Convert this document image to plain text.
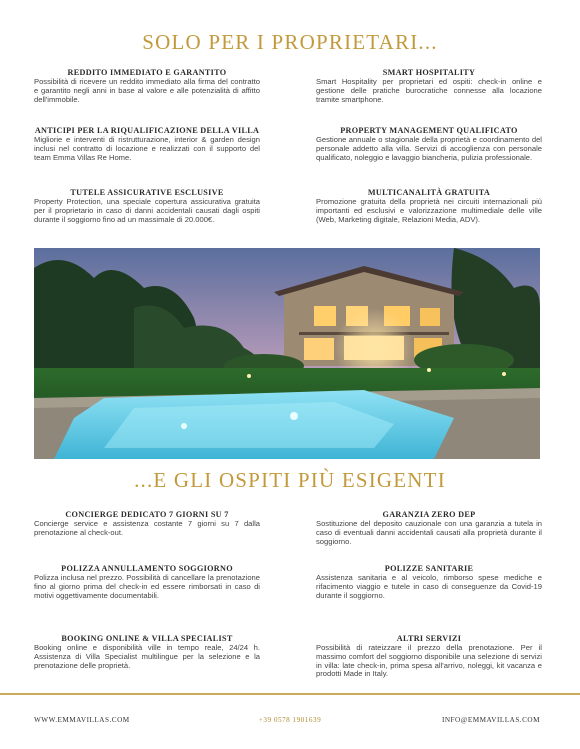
SOLO PER I PROPRIETARI...
REDDITO IMMEDIATO E GARANTITO

Possibilità di ricevere un reddito immediato alla firma del contratto e garantito negli anni in base al valore e alle potenzialità di affitto dell'immobile.

ANTICIPI PER LA RIQUALIFICAZIONE DELLA VILLA

Migliorie e interventi di ristrutturazione, interior & garden design inclusi nel contratto di locazione e realizzati con il supporto del team Emma Villas Re Home.

TUTELE ASSICURATIVE ESCLUSIVE

Property Protection, una speciale copertura assicurativa gratuita per il proprietario in caso di danni accidentali causati dagli ospiti durante il soggiorno fino ad un massimale di 20.000€.

SMART HOSPITALITY

Smart Hospitality per proprietari ed ospiti: check-in online e gestione delle pratiche burocratiche connesse alla locazione tramite smartphone.

PROPERTY MANAGEMENT QUALIFICATO

Gestione annuale o stagionale della proprietà e coordinamento del personale addetto alla villa. Servizi di accoglienza con personale qualificato, noleggio e lavaggio biancheria, pulizia professionale.

MULTICANALITÀ GRATUITA

Promozione gratuita della proprietà nei circuiti internazionali più importanti ed esclusivi e valorizzazione multimediale delle ville (Web, Marketing digitale, Relazioni Media, ADV).

...E GLI OSPITI PIÙ ESIGENTI
CONCIERGE DEDICATO 7 GIORNI SU 7

Concierge service e assistenza costante 7 giorni su 7 dalla prenotazione al check-out.

POLIZZA ANNULLAMENTO SOGGIORNO

Polizza inclusa nel prezzo. Possibilità di cancellare la prenotazione fino al giorno prima del check-in ed essere rimborsati in caso di motivi oggettivamente documentabili.

BOOKING ONLINE & VILLA SPECIALIST

Booking online e disponibilità ville in tempo reale, 24/24 h. Assistenza di Villa Specialist multilingue per la selezione e la prenotazione delle proprietà.

GARANZIA ZERO DEP

Sostituzione del deposito cauzionale con una garanzia a tutela in caso di eventuali danni accidentali causati alla proprietà durante il soggiorno.

POLIZZE SANITARIE

Assistenza sanitaria e al veicolo, rimborso spese mediche e rifacimento viaggio e tutele in caso di conseguenze da Covid-19 durante il soggiorno.

ALTRI SERVIZI

Possibilità di rateizzare il prezzo della prenotazione. Per il massimo comfort del soggiorno disponibile una selezione di servizi in villa: late check-in, prima spesa all'arrivo, noleggi, kit vacanza e prodotti Made in Italy.

WWW.EMMAVILLAS.COM	+39 0578 1901639	INFO@EMMAVILLAS.COM
